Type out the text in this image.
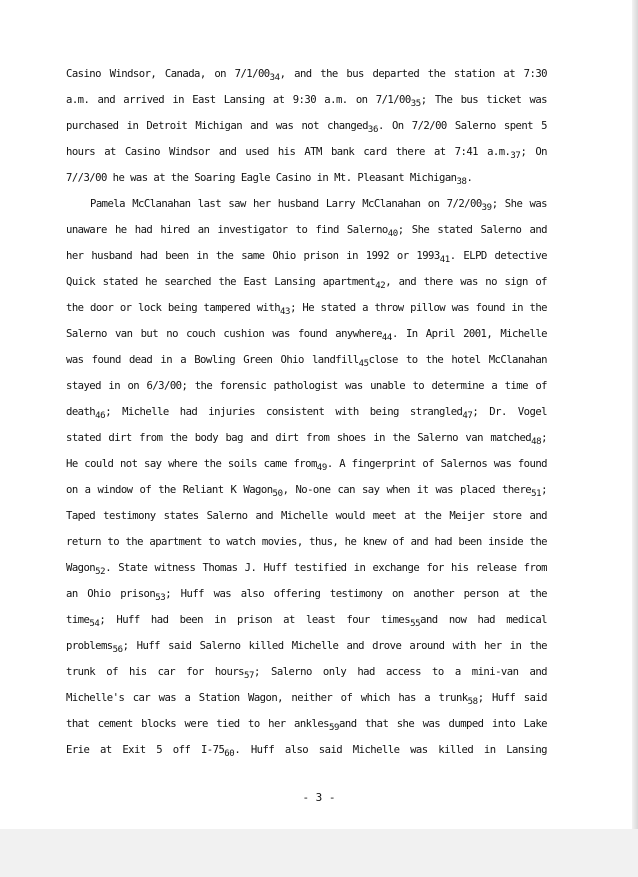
Casino Windsor, Canada, on $7/1/00_{34}$, and the bus departed the station at 7:30
a.m. and arrived in East Lansing at 9:30 a.m. on $7/1/00_{35}$; The bus ticket was
purchased in Detroit Michigan and was not changed$_{36}$. On 7/2/00 Salerno spent 5
hours at Casino Windsor and used his ATM bank card there at 7:41 $a.m._{37}$; On
7//3/00 he was at the Soaring Eagle Casino in Mt. Pleasant Michigan$_{38}$.
Pamela McClanahan last saw her husband Larry McClanahan on $7/2/00_{39}$; She was
unaware he had hired an investigator to find Salerno$_{40}$; She stated Salerno and
her husband had been in the same Ohio prison in 1992 or $1993_{41}$. ELPD detective
Quick stated he searched the East Lansing apartment$_{42}$, and there was no sign of
the door or lock being tampered with$_{43}$; He stated a throw pillow was found in the
Salerno van but no couch cushion was found anywhere$_{44}$. In April 2001, Michelle
was found dead in a Bowling Green Ohio landfill$_{45}$close to the hotel McClanahan
stayed in on 6/3/00; the forensic pathologist was unable to determine a time of
death$_{46}$; Michelle had injuries consistent with being strangled$_{47}$; Dr. Vogel
stated dirt from the body bag and dirt from shoes in the Salerno van matched$_{48}$;
He could not say where the soils came from$_{49}$. A fingerprint of Salernos was found
on a window of the Reliant K Wagon$_{50}$, No-one can say when it was placed there$_{51}$;
Taped testimony states Salerno and Michelle would meet at the Meijer store and
return to the apartment to watch movies, thus, he knew of and had been inside the
Wagon$_{52}$. State witness Thomas J. Huff testified in exchange for his release from
an Ohio prison$_{53}$; Huff was also offering testimony on another person at the
time$_{54}$; Huff had been in prison at least four times$_{55}$and now had medical
problems$_{56}$; Huff said Salerno killed Michelle and drove around with her in the
trunk of his car for hours$_{57}$; Salerno only had access to a mini-van and
Michelle's car was a Station Wagon, neither of which has a trunk$_{58}$; Huff said
that cement blocks were tied to her ankles$_{59}$and that she was dumped into Lake
Erie at Exit 5 off $I-75_{60}$. Huff also said Michelle was killed in Lansing
- 3 -
